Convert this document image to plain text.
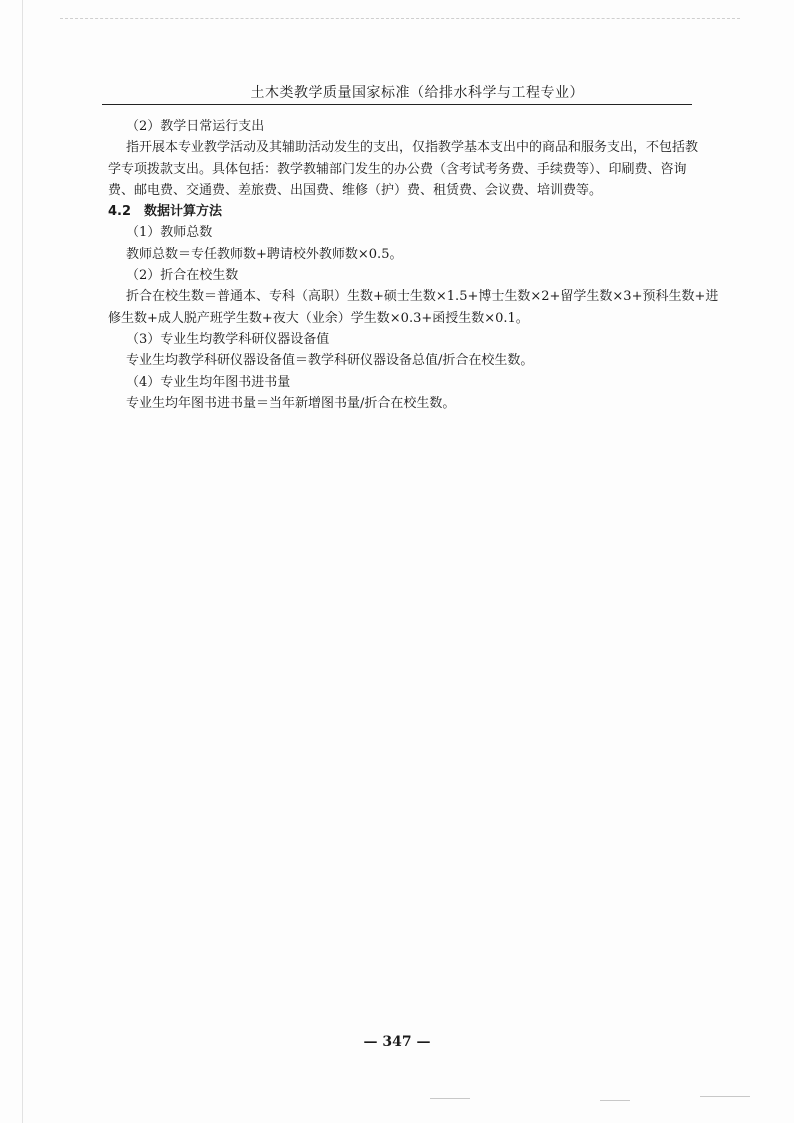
土木类教学质量国家标准（给排水科学与工程专业）
（2）教学日常运行支出
指开展本专业教学活动及其辅助活动发生的支出，仅指教学基本支出中的商品和服务支出，不包括教
学专项拨款支出。具体包括：教学教辅部门发生的办公费（含考试考务费、手续费等）、印刷费、咨询
费、邮电费、交通费、差旅费、出国费、维修（护）费、租赁费、会议费、培训费等。
4.2　数据计算方法
（1）教师总数
教师总数＝专任教师数+聘请校外教师数×0.5。
（2）折合在校生数
折合在校生数＝普通本、专科（高职）生数+硕士生数×1.5+博士生数×2+留学生数×3+预科生数+进
修生数+成人脱产班学生数+夜大（业余）学生数×0.3+函授生数×0.1。
（3）专业生均教学科研仪器设备值
专业生均教学科研仪器设备值＝教学科研仪器设备总值/折合在校生数。
（4）专业生均年图书进书量
专业生均年图书进书量＝当年新增图书量/折合在校生数。
— 347 —
